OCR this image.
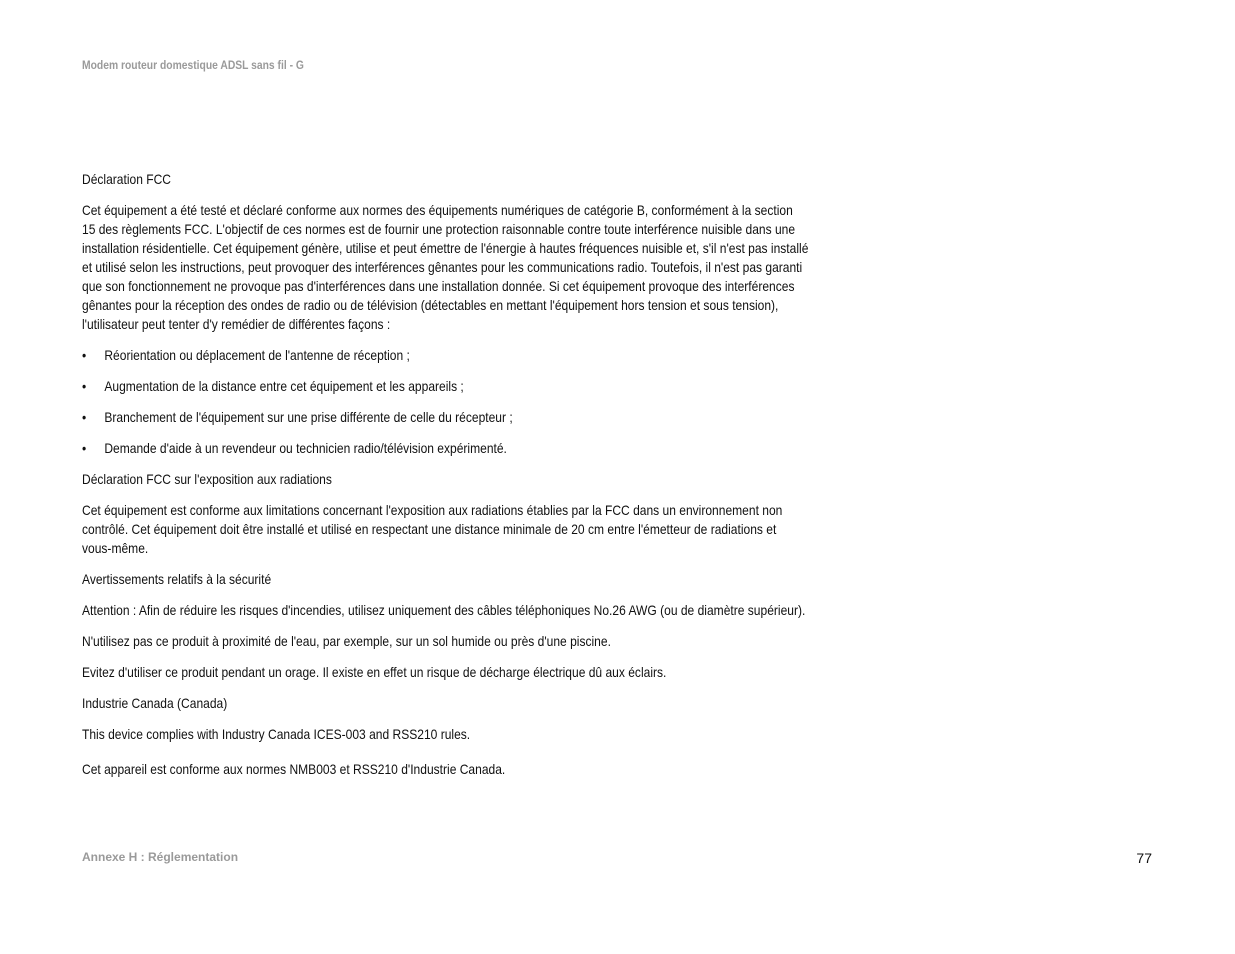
Modem routeur domestique ADSL sans fil - G

Déclaration FCC

Cet équipement a été testé et déclaré conforme aux normes des équipements numériques de catégorie B, conformément à la section 15 des règlements FCC. L'objectif de ces normes est de fournir une protection raisonnable contre toute interférence nuisible dans une installation résidentielle. Cet équipement génère, utilise et peut émettre de l'énergie à hautes fréquences nuisible et, s'il n'est pas installé et utilisé selon les instructions, peut provoquer des interférences gênantes pour les communications radio. Toutefois, il n'est pas garanti que son fonctionnement ne provoque pas d'interférences dans une installation donnée. Si cet équipement provoque des interférences gênantes pour la réception des ondes de radio ou de télévision (détectables en mettant l'équipement hors tension et sous tension), l'utilisateur peut tenter d'y remédier de différentes façons :

• Réorientation ou déplacement de l'antenne de réception ;
• Augmentation de la distance entre cet équipement et les appareils ;
• Branchement de l'équipement sur une prise différente de celle du récepteur ;
• Demande d'aide à un revendeur ou technicien radio/télévision expérimenté.

Déclaration FCC sur l'exposition aux radiations

Cet équipement est conforme aux limitations concernant l'exposition aux radiations établies par la FCC dans un environnement non contrôlé. Cet équipement doit être installé et utilisé en respectant une distance minimale de 20 cm entre l'émetteur de radiations et vous-même.

Avertissements relatifs à la sécurité

Attention : Afin de réduire les risques d'incendies, utilisez uniquement des câbles téléphoniques No.26 AWG (ou de diamètre supérieur).

N'utilisez pas ce produit à proximité de l'eau, par exemple, sur un sol humide ou près d'une piscine.

Evitez d'utiliser ce produit pendant un orage. Il existe en effet un risque de décharge électrique dû aux éclairs.

Industrie Canada (Canada)

This device complies with Industry Canada ICES-003 and RSS210 rules.

Cet appareil est conforme aux normes NMB003 et RSS210 d'Industrie Canada.

Annexe H : Réglementation	77
